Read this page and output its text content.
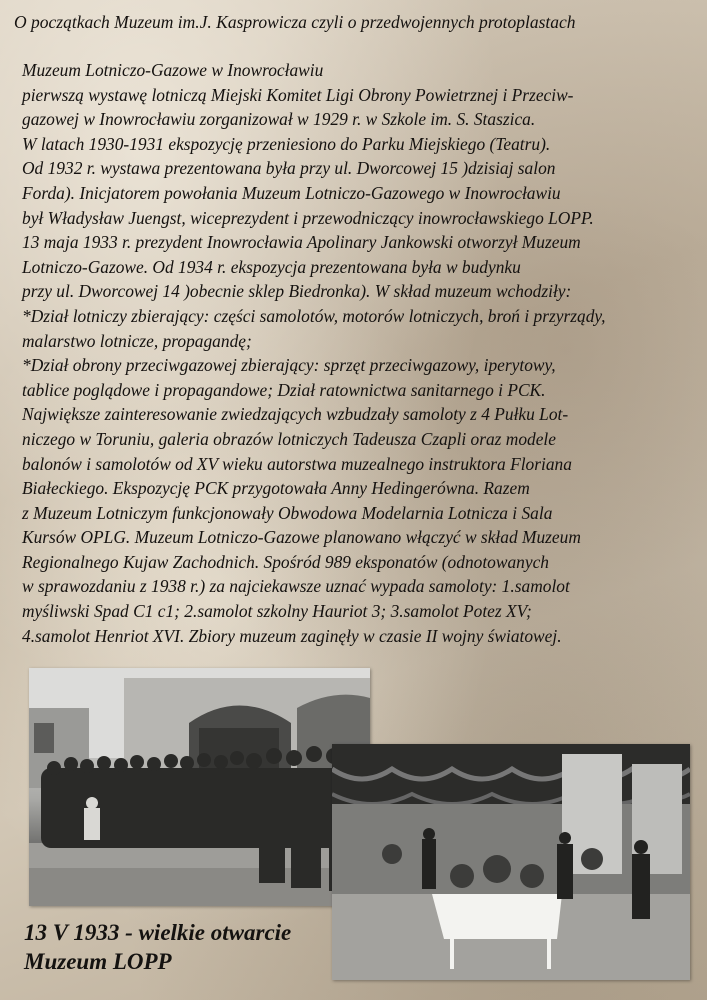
O początkach Muzeum im.J. Kasprowicza czyli o przedwojennych protoplastach
Muzeum Lotniczo-Gazowe w Inowrocławiu
pierwszą wystawę lotniczą Miejski Komitet Ligi Obrony Powietrznej i Przeciw-
gazowej w Inowrocławiu zorganizował w 1929 r. w Szkole im. S. Staszica.
W latach 1930-1931 ekspozycję przeniesiono do Parku Miejskiego (Teatru).
Od 1932 r. wystawa prezentowana była przy ul. Dworcowej 15 )dzisiaj salon
Forda). Inicjatorem powołania Muzeum Lotniczo-Gazowego w Inowrocławiu
był Władysław Juengst, wiceprezydent i przewodniczący inowrocławskiego LOPP.
13 maja 1933 r. prezydent Inowrocławia Apolinary Jankowski otworzył Muzeum
Lotniczo-Gazowe. Od 1934 r. ekspozycja prezentowana była w budynku
przy ul. Dworcowej 14 )obecnie sklep Biedronka). W skład muzeum wchodziły:
*Dział lotniczy zbierający: części samolotów, motorów lotniczych, broń i przyrządy,
malarstwo lotnicze, propagandę;
*Dział obrony przeciwgazowej zbierający: sprzęt przeciwgazowy, iperytowy,
tablice poglądowe i propagandowe; Dział ratownictwa sanitarnego i PCK.
Największe zainteresowanie zwiedzających wzbudzały samoloty z 4 Pułku Lot-
niczego w Toruniu, galeria obrazów lotniczych Tadeusza Czapli oraz modele
balonów i samolotów od XV wieku autorstwa muzealnego instruktora Floriana
Białeckiego. Ekspozycję PCK przygotowała Anny Hedingerówna. Razem
z Muzeum Lotniczym funkcjonowały Obwodowa Modelarnia Lotnicza i Sala
Kursów OPLG. Muzeum Lotniczo-Gazowe planowano włączyć w skład Muzeum
Regionalnego Kujaw Zachodnich. Spośród 989 eksponatów (odnotowanych
w sprawozdaniu z 1938 r.) za najciekawsze uznać wypada samoloty: 1.samolot
myśliwski Spad C1 c1; 2.samolot szkolny Hauriot 3; 3.samolot Potez XV;
4.samolot Henriot XVI. Zbiory muzeum zaginęły w czasie II wojny światowej.
13 V 1933 - wielkie otwarcie
Muzeum LOPP
